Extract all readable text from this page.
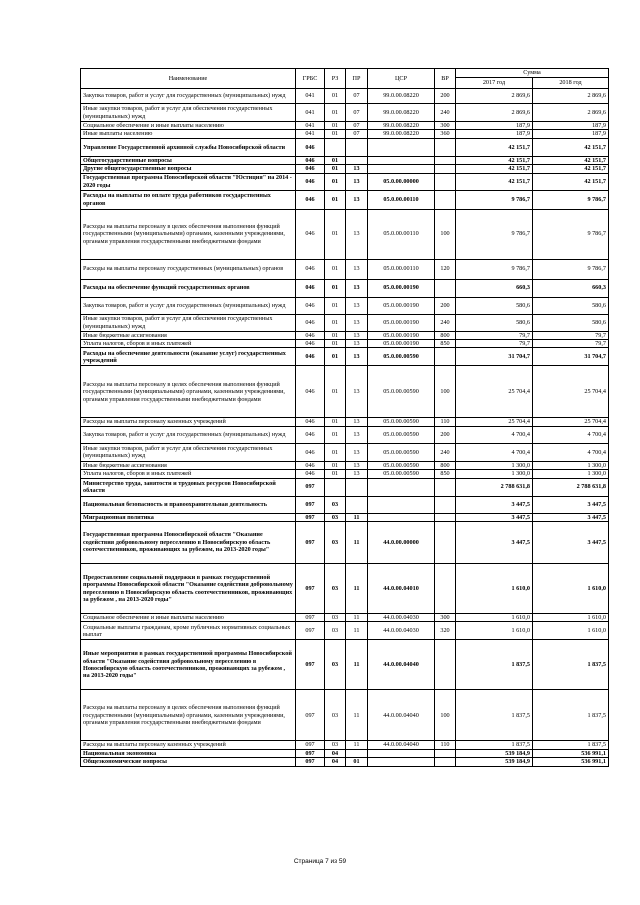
Наименование	ГРБС	РЗ	ПР	ЦСР	ВР	Сумма	
						2017 год	2018 год
Закупка товаров, работ и услуг для государственных (муниципальных) нужд	041	01	07	99.0.00.08220	200	2 869,6	2 869,6
Иные закупки товаров, работ и услуг для обеспечения государственных (муниципальных) нужд	041	01	07	99.0.00.08220	240	2 869,6	2 869,6
Социальное обеспечение и иные выплаты населению	041	01	07	99.0.00.08220	300	187,9	187,9
Иные выплаты населению	041	01	07	99.0.00.08220	360	187,9	187,9
Управление Государственной архивной службы Новосибирской области	046					42 151,7	42 151,7
Общегосударственные вопросы	046	01				42 151,7	42 151,7
Другие общегосударственные вопросы	046	01	13			42 151,7	42 151,7
Государственная программа Новосибирской области "Юстиция" на 2014 - 2020 годы	046	01	13	05.0.00.00000		42 151,7	42 151,7
Расходы на выплаты по оплате труда работников государственных органов	046	01	13	05.0.00.00110		9 786,7	9 786,7
Расходы на выплаты персоналу в целях обеспечения выполнения функций государственными (муниципальными) органами, казенными учреждениями, органами управления государственными внебюджетными фондами	046	01	13	05.0.00.00110	100	9 786,7	9 786,7
Расходы на выплаты персоналу государственных (муниципальных) органов	046	01	13	05.0.00.00110	120	9 786,7	9 786,7
Расходы на обеспечение функций государственных органов	046	01	13	05.0.00.00190		660,3	660,3
Закупка товаров, работ и услуг для государственных (муниципальных) нужд	046	01	13	05.0.00.00190	200	580,6	580,6
Иные закупки товаров, работ и услуг для обеспечения государственных (муниципальных) нужд	046	01	13	05.0.00.00190	240	580,6	580,6
Иные бюджетные ассигнования	046	01	13	05.0.00.00190	800	79,7	79,7
Уплата налогов, сборов и иных платежей	046	01	13	05.0.00.00190	850	79,7	79,7
Расходы на обеспечение деятельности (оказание услуг) государственных учреждений	046	01	13	05.0.00.00590		31 704,7	31 704,7
Расходы на выплаты персоналу в целях обеспечения выполнения функций государственными (муниципальными) органами, казенными учреждениями, органами управления государственными внебюджетными фондами	046	01	13	05.0.00.00590	100	25 704,4	25 704,4
Расходы на выплаты персоналу казенных учреждений	046	01	13	05.0.00.00590	110	25 704,4	25 704,4
Закупка товаров, работ и услуг для государственных (муниципальных) нужд	046	01	13	05.0.00.00590	200	4 700,4	4 700,4
Иные закупки товаров, работ и услуг для обеспечения государственных (муниципальных) нужд	046	01	13	05.0.00.00590	240	4 700,4	4 700,4
Иные бюджетные ассигнования	046	01	13	05.0.00.00590	800	1 300,0	1 300,0
Уплата налогов, сборов и иных платежей	046	01	13	05.0.00.00590	850	1 300,0	1 300,0
Министерство труда, занятости и трудовых ресурсов Новосибирской области	097					2 788 631,8	2 788 631,8
Национальная безопасность и правоохранительная деятельность	097	03				3 447,5	3 447,5
Миграционная политика	097	03	11			3 447,5	3 447,5
Государственная программа Новосибирской области "Оказание содействия добровольному переселению в Новосибирскую область соотечественников, проживающих за рубежом, на 2013-2020 годы"	097	03	11	44.0.00.00000		3 447,5	3 447,5
Предоставление социальной поддержки в рамках государственной программы Новосибирской области "Оказание содействия добровольному переселению в Новосибирскую область соотечественников, проживающих за рубежом , на 2013-2020 годы"	097	03	11	44.0.00.04010		1 610,0	1 610,0
Социальное обеспечение и иные выплаты населению	097	03	11	44.0.00.04030	300	1 610,0	1 610,0
Социальные выплаты гражданам, кроме публичных нормативных социальных выплат	097	03	11	44.0.00.04030	320	1 610,0	1 610,0
Иные мероприятия в рамках государственной программы Новосибирской области "Оказание содействия добровольному переселению в Новосибирскую область соотечественников, проживающих за рубежом , на 2013-2020 годы"	097	03	11	44.0.00.04040		1 837,5	1 837,5
Расходы на выплаты персоналу в целях обеспечения выполнения функций государственными (муниципальными) органами, казенными учреждениями, органами управления государственными внебюджетными фондами	097	03	11	44.0.00.04040	100	1 837,5	1 837,5
Расходы на выплаты персоналу казенных учреждений	097	03	11	44.0.00.04040	110	1 837,5	1 837,5
Национальная экономика	097	04				539 184,9	536 991,1
Общеэкономические вопросы	097	04	01			539 184,9	536 991,1
Страница 7 из 59
